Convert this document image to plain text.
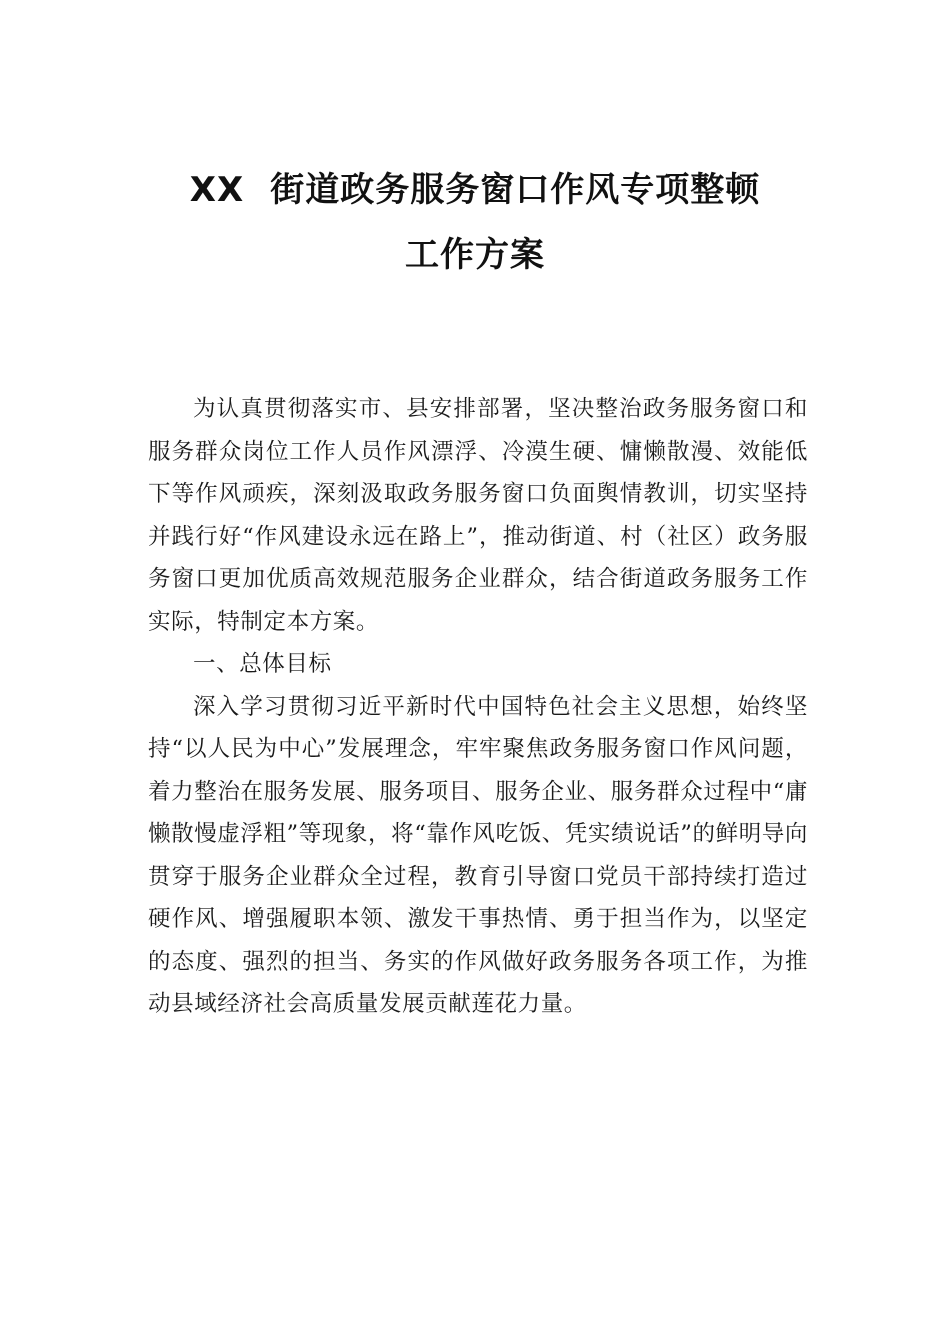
XX 街道政务服务窗口作风专项整顿
工作方案

为认真贯彻落实市、县安排部署，坚决整治政务服务窗口和服务群众岗位工作人员作风漂浮、冷漠生硬、慵懒散漫、效能低下等作风顽疾，深刻汲取政务服务窗口负面舆情教训，切实坚持并践行好“作风建设永远在路上”，推动街道、村（社区）政务服务窗口更加优质高效规范服务企业群众，结合街道政务服务工作实际，特制定本方案。

一、总体目标

深入学习贯彻习近平新时代中国特色社会主义思想，始终坚持“以人民为中心”发展理念，牢牢聚焦政务服务窗口作风问题，着力整治在服务发展、服务项目、服务企业、服务群众过程中“庸懒散慢虚浮粗”等现象，将“靠作风吃饭、凭实绩说话”的鲜明导向贯穿于服务企业群众全过程，教育引导窗口党员干部持续打造过硬作风、增强履职本领、激发干事热情、勇于担当作为，以坚定的态度、强烈的担当、务实的作风做好政务服务各项工作，为推动县域经济社会高质量发展贡献莲花力量。
